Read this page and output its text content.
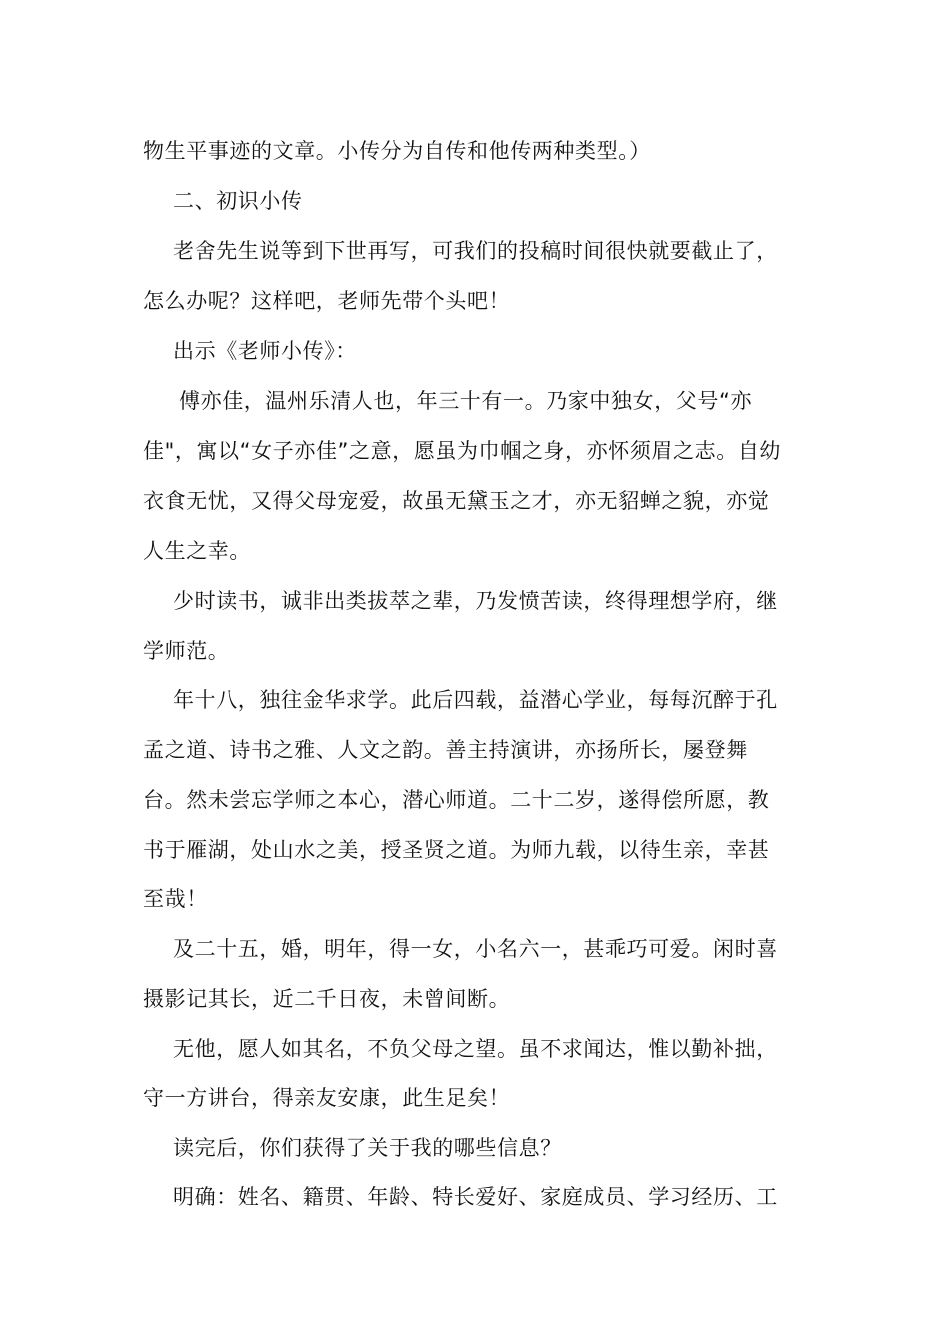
物生平事迹的文章。小传分为自传和他传两种类型。）
二、初识小传
老舍先生说等到下世再写，可我们的投稿时间很快就要截止了，
怎么办呢？这样吧，老师先带个头吧！
出示《老师小传》：
傅亦佳，温州乐清人也，年三十有一。乃家中独女，父号“亦
佳"，寓以“女子亦佳”之意，愿虽为巾帼之身，亦怀须眉之志。自幼
衣食无忧，又得父母宠爱，故虽无黛玉之才，亦无貂蝉之貌，亦觉
人生之幸。
少时读书，诚非出类拔萃之辈，乃发愤苦读，终得理想学府，继
学师范。
年十八，独往金华求学。此后四载，益潜心学业，每每沉醉于孔
孟之道、诗书之雅、人文之韵。善主持演讲，亦扬所长，屡登舞
台。然未尝忘学师之本心，潜心师道。二十二岁，遂得偿所愿，教
书于雁湖，处山水之美，授圣贤之道。为师九载，以待生亲，幸甚
至哉！
及二十五，婚，明年，得一女，小名六一，甚乖巧可爱。闲时喜
摄影记其长，近二千日夜，未曾间断。
无他，愿人如其名，不负父母之望。虽不求闻达，惟以勤补拙，
守一方讲台，得亲友安康，此生足矣！
读完后，你们获得了关于我的哪些信息？
明确：姓名、籍贯、年龄、特长爱好、家庭成员、学习经历、工
